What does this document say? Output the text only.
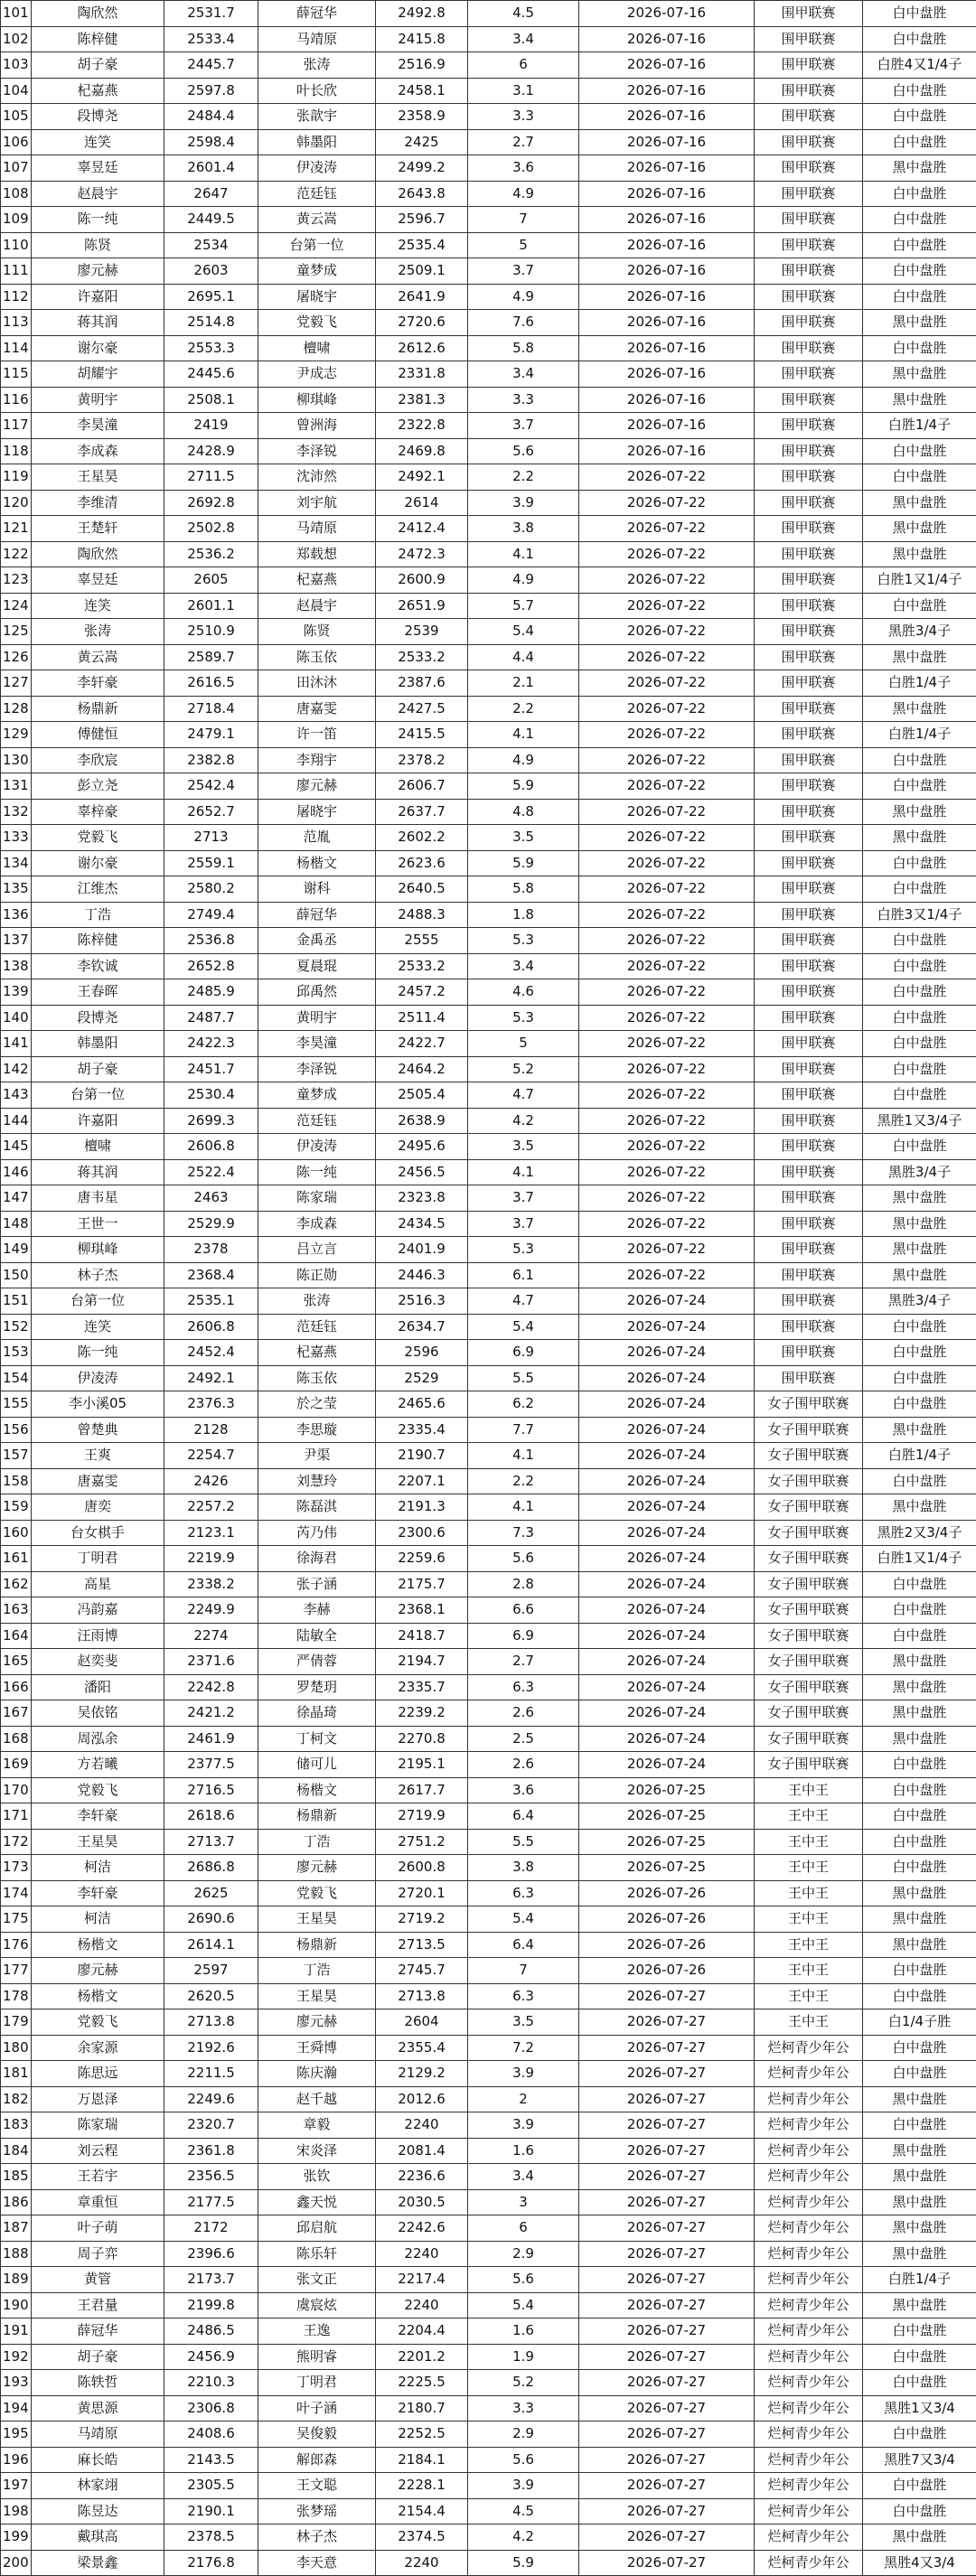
101	陶欣然	2531.7	薛冠华	2492.8	4.5	2026-07-16	围甲联赛	白中盘胜
102	陈梓健	2533.4	马靖原	2415.8	3.4	2026-07-16	围甲联赛	白中盘胜
103	胡子豪	2445.7	张涛	2516.9	6	2026-07-16	围甲联赛	白胜4又1/4子
104	杞嘉燕	2597.8	叶长欣	2458.1	3.1	2026-07-16	围甲联赛	白中盘胜
105	段博尧	2484.4	张歆宇	2358.9	3.3	2026-07-16	围甲联赛	白中盘胜
106	连笑	2598.4	韩墨阳	2425	2.7	2026-07-16	围甲联赛	白中盘胜
107	辜昱廷	2601.4	伊凌涛	2499.2	3.6	2026-07-16	围甲联赛	黑中盘胜
108	赵晨宇	2647	范廷钰	2643.8	4.9	2026-07-16	围甲联赛	白中盘胜
109	陈一纯	2449.5	黄云嵩	2596.7	7	2026-07-16	围甲联赛	白中盘胜
110	陈贤	2534	台第一位	2535.4	5	2026-07-16	围甲联赛	白中盘胜
111	廖元赫	2603	童梦成	2509.1	3.7	2026-07-16	围甲联赛	白中盘胜
112	许嘉阳	2695.1	屠晓宇	2641.9	4.9	2026-07-16	围甲联赛	白中盘胜
113	蒋其润	2514.8	党毅飞	2720.6	7.6	2026-07-16	围甲联赛	黑中盘胜
114	谢尔豪	2553.3	檀啸	2612.6	5.8	2026-07-16	围甲联赛	白中盘胜
115	胡耀宇	2445.6	尹成志	2331.8	3.4	2026-07-16	围甲联赛	黑中盘胜
116	黄明宇	2508.1	柳琪峰	2381.3	3.3	2026-07-16	围甲联赛	黑中盘胜
117	李昊潼	2419	曾洲海	2322.8	3.7	2026-07-16	围甲联赛	白胜1/4子
118	李成森	2428.9	李泽锐	2469.8	5.6	2026-07-16	围甲联赛	白中盘胜
119	王星昊	2711.5	沈沛然	2492.1	2.2	2026-07-22	围甲联赛	白中盘胜
120	李维清	2692.8	刘宇航	2614	3.9	2026-07-22	围甲联赛	黑中盘胜
121	王楚轩	2502.8	马靖原	2412.4	3.8	2026-07-22	围甲联赛	黑中盘胜
122	陶欣然	2536.2	郑载想	2472.3	4.1	2026-07-22	围甲联赛	黑中盘胜
123	辜昱廷	2605	杞嘉燕	2600.9	4.9	2026-07-22	围甲联赛	白胜1又1/4子
124	连笑	2601.1	赵晨宇	2651.9	5.7	2026-07-22	围甲联赛	白中盘胜
125	张涛	2510.9	陈贤	2539	5.4	2026-07-22	围甲联赛	黑胜3/4子
126	黄云嵩	2589.7	陈玉依	2533.2	4.4	2026-07-22	围甲联赛	黑中盘胜
127	李轩豪	2616.5	田沐沐	2387.6	2.1	2026-07-22	围甲联赛	白胜1/4子
128	杨鼎新	2718.4	唐嘉雯	2427.5	2.2	2026-07-22	围甲联赛	黑中盘胜
129	傅健恒	2479.1	许一笛	2415.5	4.1	2026-07-22	围甲联赛	白胜1/4子
130	李欣宸	2382.8	李翔宇	2378.2	4.9	2026-07-22	围甲联赛	白中盘胜
131	彭立尧	2542.4	廖元赫	2606.7	5.9	2026-07-22	围甲联赛	白中盘胜
132	辜梓豪	2652.7	屠晓宇	2637.7	4.8	2026-07-22	围甲联赛	黑中盘胜
133	党毅飞	2713	范胤	2602.2	3.5	2026-07-22	围甲联赛	黑中盘胜
134	谢尔豪	2559.1	杨楷文	2623.6	5.9	2026-07-22	围甲联赛	白中盘胜
135	江维杰	2580.2	谢科	2640.5	5.8	2026-07-22	围甲联赛	白中盘胜
136	丁浩	2749.4	薛冠华	2488.3	1.8	2026-07-22	围甲联赛	白胜3又1/4子
137	陈梓健	2536.8	金禹丞	2555	5.3	2026-07-22	围甲联赛	白中盘胜
138	李钦诚	2652.8	夏晨琨	2533.2	3.4	2026-07-22	围甲联赛	白中盘胜
139	王春晖	2485.9	邱禹然	2457.2	4.6	2026-07-22	围甲联赛	白中盘胜
140	段博尧	2487.7	黄明宇	2511.4	5.3	2026-07-22	围甲联赛	白中盘胜
141	韩墨阳	2422.3	李昊潼	2422.7	5	2026-07-22	围甲联赛	白中盘胜
142	胡子豪	2451.7	李泽锐	2464.2	5.2	2026-07-22	围甲联赛	白中盘胜
143	台第一位	2530.4	童梦成	2505.4	4.7	2026-07-22	围甲联赛	白中盘胜
144	许嘉阳	2699.3	范廷钰	2638.9	4.2	2026-07-22	围甲联赛	黑胜1又3/4子
145	檀啸	2606.8	伊凌涛	2495.6	3.5	2026-07-22	围甲联赛	白中盘胜
146	蒋其润	2522.4	陈一纯	2456.5	4.1	2026-07-22	围甲联赛	黑胜3/4子
147	唐韦星	2463	陈家瑞	2323.8	3.7	2026-07-22	围甲联赛	黑中盘胜
148	王世一	2529.9	李成森	2434.5	3.7	2026-07-22	围甲联赛	黑中盘胜
149	柳琪峰	2378	吕立言	2401.9	5.3	2026-07-22	围甲联赛	黑中盘胜
150	林子杰	2368.4	陈正勋	2446.3	6.1	2026-07-22	围甲联赛	黑中盘胜
151	台第一位	2535.1	张涛	2516.3	4.7	2026-07-24	围甲联赛	黑胜3/4子
152	连笑	2606.8	范廷钰	2634.7	5.4	2026-07-24	围甲联赛	白中盘胜
153	陈一纯	2452.4	杞嘉燕	2596	6.9	2026-07-24	围甲联赛	白中盘胜
154	伊凌涛	2492.1	陈玉依	2529	5.5	2026-07-24	围甲联赛	白中盘胜
155	李小溪05	2376.3	於之莹	2465.6	6.2	2026-07-24	女子围甲联赛	白中盘胜
156	曾楚典	2128	李思璇	2335.4	7.7	2026-07-24	女子围甲联赛	黑中盘胜
157	王爽	2254.7	尹渠	2190.7	4.1	2026-07-24	女子围甲联赛	白胜1/4子
158	唐嘉雯	2426	刘慧玲	2207.1	2.2	2026-07-24	女子围甲联赛	白中盘胜
159	唐奕	2257.2	陈磊淇	2191.3	4.1	2026-07-24	女子围甲联赛	黑中盘胜
160	台女棋手	2123.1	芮乃伟	2300.6	7.3	2026-07-24	女子围甲联赛	黑胜2又3/4子
161	丁明君	2219.9	徐海君	2259.6	5.6	2026-07-24	女子围甲联赛	白胜1又1/4子
162	高星	2338.2	张子涵	2175.7	2.8	2026-07-24	女子围甲联赛	白中盘胜
163	冯韵嘉	2249.9	李赫	2368.1	6.6	2026-07-24	女子围甲联赛	白中盘胜
164	汪雨博	2274	陆敏全	2418.7	6.9	2026-07-24	女子围甲联赛	白中盘胜
165	赵奕斐	2371.6	严倩蓉	2194.7	2.7	2026-07-24	女子围甲联赛	黑中盘胜
166	潘阳	2242.8	罗楚玥	2335.7	6.3	2026-07-24	女子围甲联赛	黑中盘胜
167	吴依铭	2421.2	徐晶琦	2239.2	2.6	2026-07-24	女子围甲联赛	黑中盘胜
168	周泓余	2461.9	丁柯文	2270.8	2.5	2026-07-24	女子围甲联赛	黑中盘胜
169	方若曦	2377.5	储可儿	2195.1	2.6	2026-07-24	女子围甲联赛	白中盘胜
170	党毅飞	2716.5	杨楷文	2617.7	3.6	2026-07-25	王中王	白中盘胜
171	李轩豪	2618.6	杨鼎新	2719.9	6.4	2026-07-25	王中王	白中盘胜
172	王星昊	2713.7	丁浩	2751.2	5.5	2026-07-25	王中王	白中盘胜
173	柯洁	2686.8	廖元赫	2600.8	3.8	2026-07-25	王中王	白中盘胜
174	李轩豪	2625	党毅飞	2720.1	6.3	2026-07-26	王中王	黑中盘胜
175	柯洁	2690.6	王星昊	2719.2	5.4	2026-07-26	王中王	黑中盘胜
176	杨楷文	2614.1	杨鼎新	2713.5	6.4	2026-07-26	王中王	黑中盘胜
177	廖元赫	2597	丁浩	2745.7	7	2026-07-26	王中王	白中盘胜
178	杨楷文	2620.5	王星昊	2713.8	6.3	2026-07-27	王中王	白中盘胜
179	党毅飞	2713.8	廖元赫	2604	3.5	2026-07-27	王中王	白1/4子胜
180	余家源	2192.6	王舜博	2355.4	7.2	2026-07-27	烂柯青少年公	白中盘胜
181	陈思远	2211.5	陈庆瀚	2129.2	3.9	2026-07-27	烂柯青少年公	白中盘胜
182	万恩泽	2249.6	赵千越	2012.6	2	2026-07-27	烂柯青少年公	黑中盘胜
183	陈家瑞	2320.7	章毅	2240	3.9	2026-07-27	烂柯青少年公	白中盘胜
184	刘云程	2361.8	宋炎泽	2081.4	1.6	2026-07-27	烂柯青少年公	黑中盘胜
185	王若宇	2356.5	张钦	2236.6	3.4	2026-07-27	烂柯青少年公	黑中盘胜
186	章重恒	2177.5	鑫天悦	2030.5	3	2026-07-27	烂柯青少年公	黑中盘胜
187	叶子萌	2172	邱启航	2242.6	6	2026-07-27	烂柯青少年公	黑中盘胜
188	周子弈	2396.6	陈乐轩	2240	2.9	2026-07-27	烂柯青少年公	黑中盘胜
189	黄管	2173.7	张文正	2217.4	5.6	2026-07-27	烂柯青少年公	白胜1/4子
190	王君量	2199.8	虞宸炫	2240	5.4	2026-07-27	烂柯青少年公	黑中盘胜
191	薛冠华	2486.5	王逸	2204.4	1.6	2026-07-27	烂柯青少年公	白中盘胜
192	胡子豪	2456.9	熊明睿	2201.2	1.9	2026-07-27	烂柯青少年公	白中盘胜
193	陈轶哲	2210.3	丁明君	2225.5	5.2	2026-07-27	烂柯青少年公	白中盘胜
194	黄思源	2306.8	叶子涵	2180.7	3.3	2026-07-27	烂柯青少年公	黑胜1又3/4
195	马靖原	2408.6	吴俊毅	2252.5	2.9	2026-07-27	烂柯青少年公	白中盘胜
196	麻长皓	2143.5	解郎森	2184.1	5.6	2026-07-27	烂柯青少年公	黑胜7又3/4
197	林家翊	2305.5	王文聪	2228.1	3.9	2026-07-27	烂柯青少年公	白中盘胜
198	陈昱达	2190.1	张梦瑶	2154.4	4.5	2026-07-27	烂柯青少年公	白中盘胜
199	戴琪高	2378.5	林子杰	2374.5	4.2	2026-07-27	烂柯青少年公	黑中盘胜
200	梁景鑫	2176.8	李天意	2240	5.9	2026-07-27	烂柯青少年公	黑胜4又3/4
